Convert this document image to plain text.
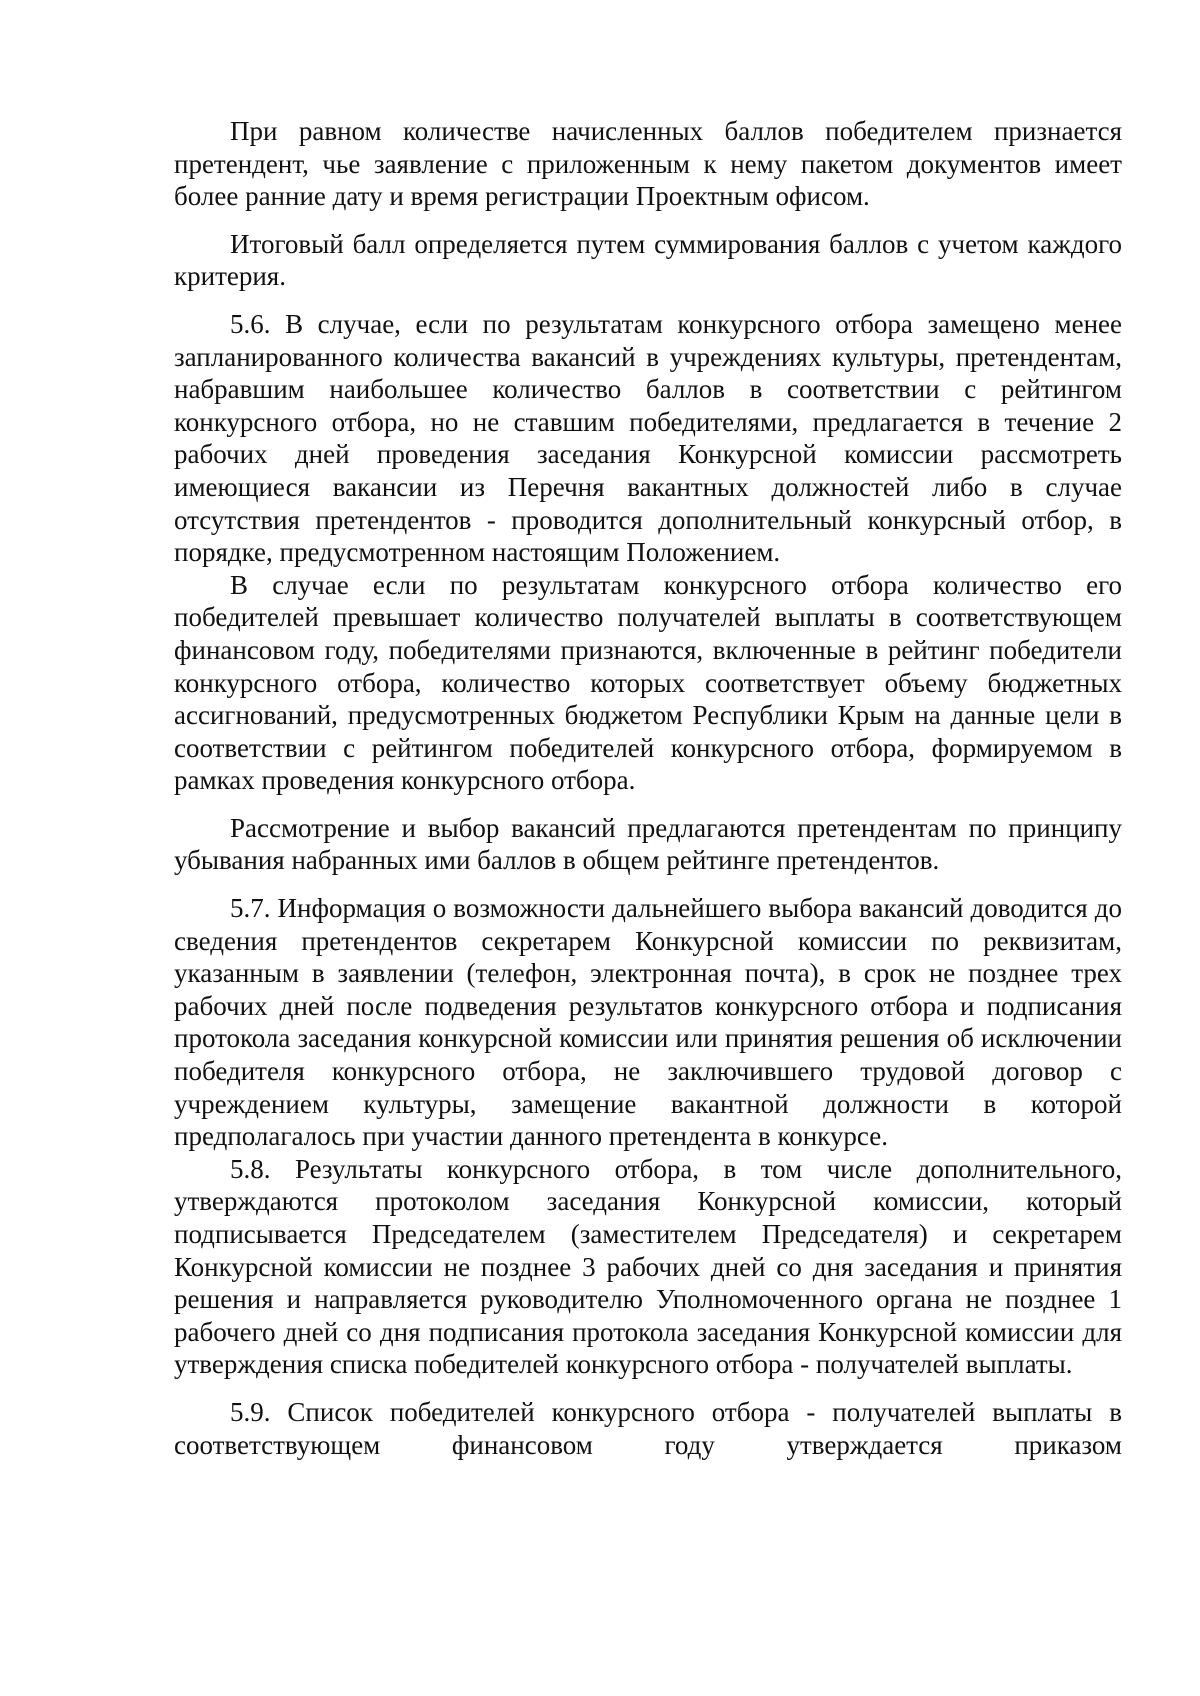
При равном количестве начисленных баллов победителем признается претендент, чье заявление с приложенным к нему пакетом документов имеет более ранние дату и время регистрации Проектным офисом.

Итоговый балл определяется путем суммирования баллов с учетом каждого критерия.

5.6. В случае, если по результатам конкурсного отбора замещено менее запланированного количества вакансий в учреждениях культуры, претендентам, набравшим наибольшее количество баллов в соответствии с рейтингом конкурсного отбора, но не ставшим победителями, предлагается в течение 2 рабочих дней проведения заседания Конкурсной комиссии рассмотреть имеющиеся вакансии из Перечня вакантных должностей либо в случае отсутствия претендентов - проводится дополнительный конкурсный отбор, в порядке, предусмотренном настоящим Положением.

В случае если по результатам конкурсного отбора количество его победителей превышает количество получателей выплаты в соответствующем финансовом году, победителями признаются, включенные в рейтинг победители конкурсного отбора, количество которых соответствует объему бюджетных ассигнований, предусмотренных бюджетом Республики Крым на данные цели в соответствии с рейтингом победителей конкурсного отбора, формируемом в рамках проведения конкурсного отбора.

Рассмотрение и выбор вакансий предлагаются претендентам по принципу убывания набранных ими баллов в общем рейтинге претендентов.

5.7. Информация о возможности дальнейшего выбора вакансий доводится до сведения претендентов секретарем Конкурсной комиссии по реквизитам, указанным в заявлении (телефон, электронная почта), в срок не позднее трех рабочих дней после подведения результатов конкурсного отбора и подписания протокола заседания конкурсной комиссии или принятия решения об исключении победителя конкурсного отбора, не заключившего трудовой договор с учреждением культуры, замещение вакантной должности в которой предполагалось при участии данного претендента в конкурсе.

5.8. Результаты конкурсного отбора, в том числе дополнительного, утверждаются протоколом заседания Конкурсной комиссии, который подписывается Председателем (заместителем Председателя) и секретарем Конкурсной комиссии не позднее 3 рабочих дней со дня заседания и принятия решения и направляется руководителю Уполномоченного органа не позднее 1 рабочего дней со дня подписания протокола заседания Конкурсной комиссии для утверждения списка победителей конкурсного отбора - получателей выплаты.

5.9. Список победителей конкурсного отбора - получателей выплаты в соответствующем финансовом году утверждается приказом
